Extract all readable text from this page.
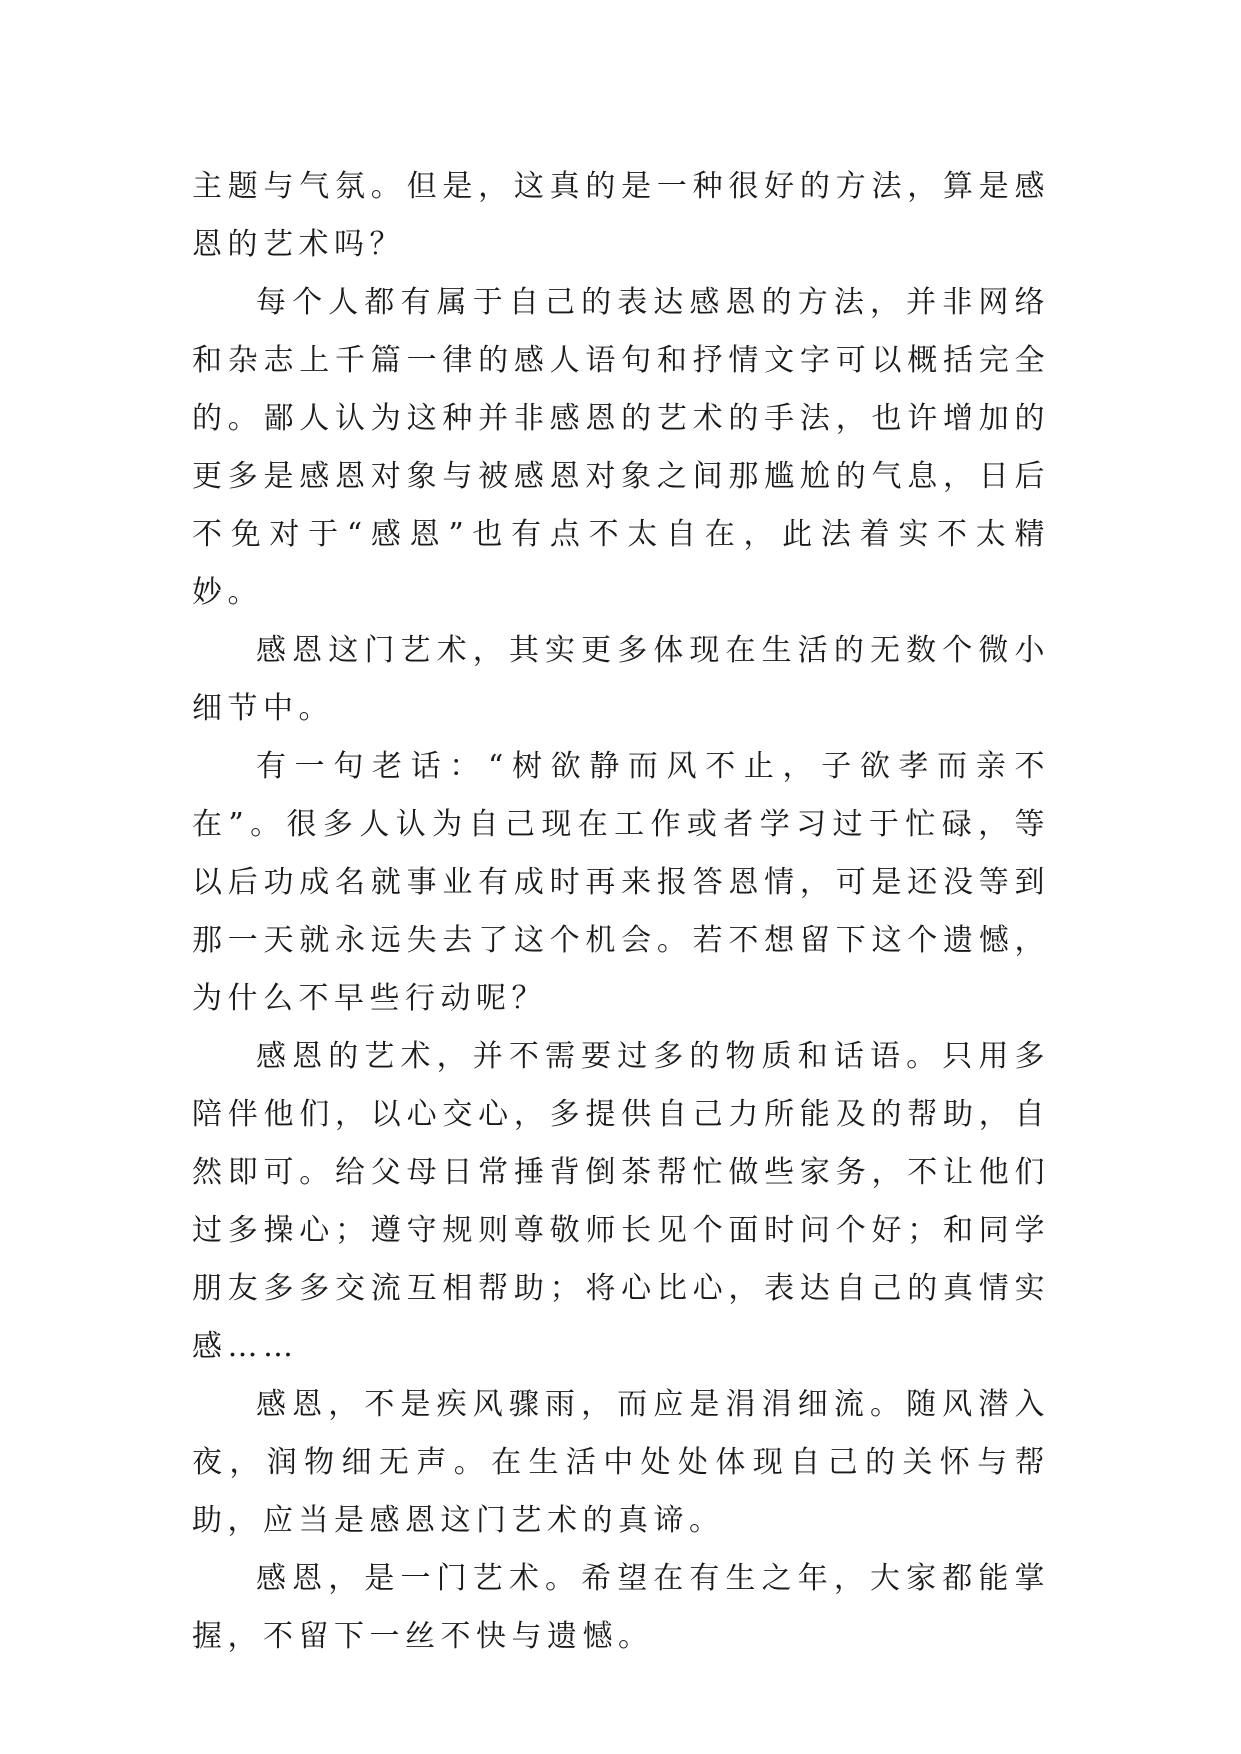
主题与气氛。但是，这真的是一种很好的方法，算是感恩的艺术吗？

每个人都有属于自己的表达感恩的方法，并非网络和杂志上千篇一律的感人语句和抒情文字可以概括完全的。鄙人认为这种并非感恩的艺术的手法，也许增加的更多是感恩对象与被感恩对象之间那尴尬的气息，日后不免对于“感恩”也有点不太自在，此法着实不太精妙。

感恩这门艺术，其实更多体现在生活的无数个微小细节中。

有一句老话：“树欲静而风不止，子欲孝而亲不在”。很多人认为自己现在工作或者学习过于忙碌，等以后功成名就事业有成时再来报答恩情，可是还没等到那一天就永远失去了这个机会。若不想留下这个遗憾，为什么不早些行动呢？

感恩的艺术，并不需要过多的物质和话语。只用多陪伴他们，以心交心，多提供自己力所能及的帮助，自然即可。给父母日常捶背倒茶帮忙做些家务，不让他们过多操心；遵守规则尊敬师长见个面时问个好；和同学朋友多多交流互相帮助；将心比心，表达自己的真情实感……

感恩，不是疾风骤雨，而应是涓涓细流。随风潜入夜，润物细无声。在生活中处处体现自己的关怀与帮助，应当是感恩这门艺术的真谛。

感恩，是一门艺术。希望在有生之年，大家都能掌握，不留下一丝不快与遗憾。
